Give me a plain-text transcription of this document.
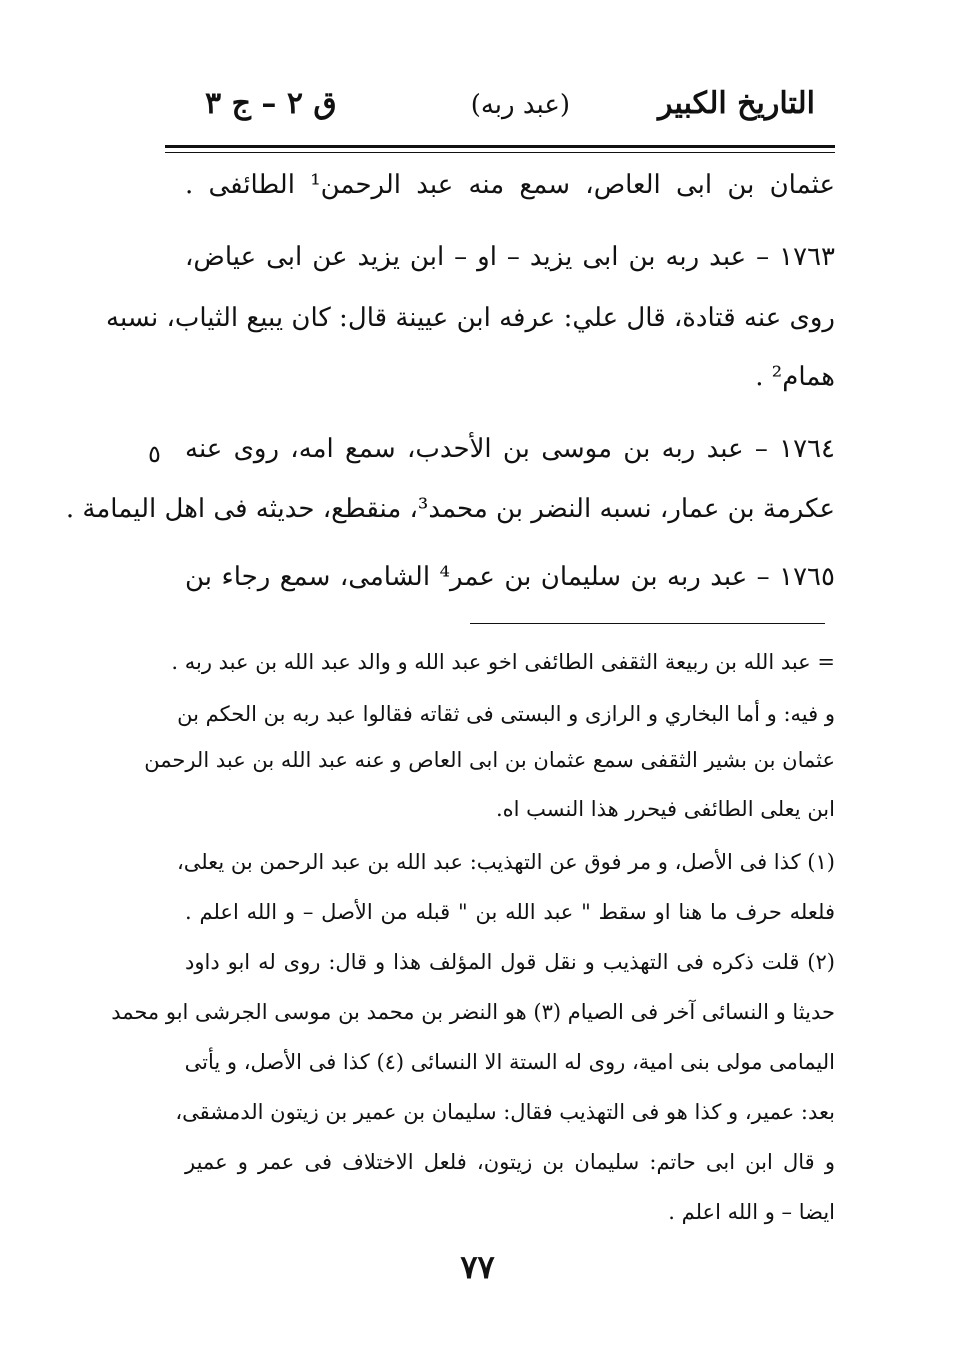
التاريخ الكبير
(عبد ربه)
ق ٢ – ج ٣
عثمان بن ابى العاص، سمع منه عبد الرحمن¹ الطائفى .
١٧٦٣ – عبد ربه بن ابى يزيد – او – ابن يزيد عن ابى عياض،
روى عنه قتادة، قال علي: عرفه ابن عيينة قال: كان يبيع الثياب، نسبه
همام² .
١٧٦٤ – عبد ربه بن موسى بن الأحدب، سمع امه، روى عنه
عكرمة بن عمار، نسبه النضر بن محمد³، منقطع، حديثه فى اهل اليمامة .
١٧٦٥ – عبد ربه بن سليمان بن عمر⁴ الشامى، سمع رجاء بن
٥
= عبد الله بن ربيعة الثقفى الطائفى اخو عبد الله و والد عبد الله بن عبد ربه .
و فيه: و أما البخاري و الرازى و البستى فى ثقاته فقالوا عبد ربه بن الحكم بن
عثمان بن بشير الثقفى سمع عثمان بن ابى العاص و عنه عبد الله بن عبد الرحمن
ابن يعلى الطائفى فيحرر هذا النسب اه.
(١) كذا فى الأصل، و مر فوق عن التهذيب: عبد الله بن عبد الرحمن بن يعلى،
فلعله حرف ما هنا او سقط " عبد الله بن " قبله من الأصل – و الله اعلم .
(٢) قلت ذكره فى التهذيب و نقل قول المؤلف هذا و قال: روى له ابو داود
حديثا و النسائى آخر فى الصيام (٣) هو النضر بن محمد بن موسى الجرشى ابو محمد
اليمامى مولى بنى امية، روى له الستة الا النسائى (٤) كذا فى الأصل، و يأتى
بعد: عمير، و كذا هو فى التهذيب فقال: سليمان بن عمير بن زيتون الدمشقى،
و قال ابن ابى حاتم: سليمان بن زيتون، فلعل الاختلاف فى عمر و عمير
ايضا – و الله اعلم .
٧٧
